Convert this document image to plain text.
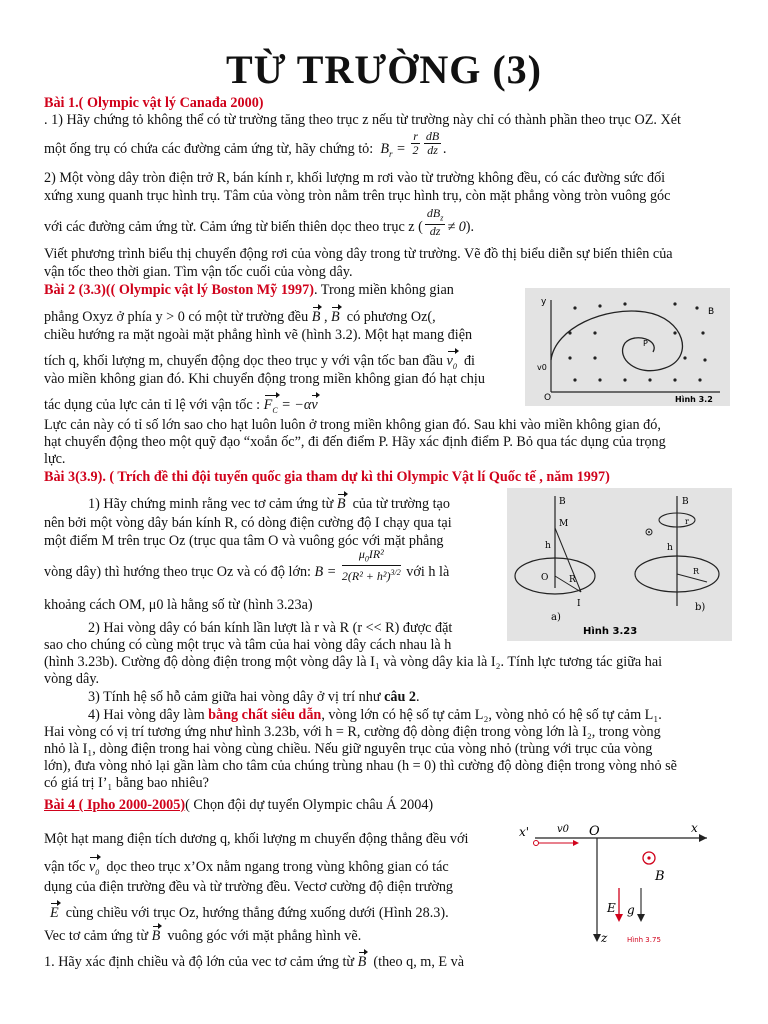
TỪ TRƯỜNG (3)
Bài 1.( Olympic vật lý Canađa 2000)
. 1) Hãy chứng tỏ không thể có từ trường tăng theo trục z nếu từ trường này chỉ có thành phần theo trục OZ. Xét
một ống trụ có chứa các đường cảm ứng từ, hãy chứng tỏ:  $B_r = \frac{r}{2} \frac{dB}{dz}$ .
2) Một vòng dây tròn điện trở R, bán kính r, khối lượng m rơi vào từ trường không đều, có các đường sức đối
xứng xung quanh trục hình trụ. Tâm của vòng tròn nằm trên trục hình trụ, còn mặt phẳng vòng tròn vuông góc
với các đường cảm ứng từ. Cảm ứng từ biến thiên dọc theo trục z ( $\frac{dB_z}{dz} \ne 0$).
Viết phương trình biểu thị chuyển động rơi của vòng dây trong từ trường. Vẽ đồ thị biểu diễn sự biến thiên của
vận tốc theo thời gian. Tìm vận tốc cuối của vòng dây.
Bài 2 (3.3)(( Olympic vật lý Boston Mỹ 1997). Trong miền không gian
phẳng Oxyz ở phía y > 0 có một từ trường đều B , B có phương Oz(,
chiều hướng ra mặt ngoài mặt phẳng hình vẽ (hình 3.2). Một hạt mang điện
tích q, khối lượng m, chuyển động dọc theo trục y với vận tốc ban đầu $v_0$ đi
vào miền không gian đó. Khi chuyển động trong miền không gian đó hạt chịu
tác dụng của lực cản tỉ lệ với vận tốc : $F_C = -\alpha v$
Lực cản này có tỉ số lớn sao cho hạt luôn luôn ở trong miền không gian đó. Sau khi vào miền không gian đó,
hạt chuyển động theo một quỹ đạo “xoắn ốc”, đi đến điểm P. Hãy xác định điểm P. Bỏ qua tác dụng của trọng
lực.
y
O
B
P
v0
Hình 3.2
Bài 3(3.9). ( Trích đề thi đội tuyển quốc gia tham dự kì thi Olympic Vật lí Quốc tế , năm 1997)
1) Hãy chứng minh rằng vec tơ cảm ứng từ B của từ trường tạo
nên bởi một vòng dây bán kính R, có dòng điện cường độ I chạy qua tại
một điểm M trên trục Oz (trục qua tâm O và vuông góc với mặt phẳng
vòng dây) thì hướng theo trục Oz và có độ lớn: $B = \frac{\mu_0IR^2}{2(R^2 + h^2)^{3/2}}$ với h là
khoảng cách OM, μ0 là hằng số từ (hình 3.23a)
2) Hai vòng dây có bán kính lần lượt là r và R (r << R) được đặt
sao cho chúng có cùng một trục và tâm của hai vòng dây cách nhau là h
(hình 3.23b). Cường độ dòng điện trong một vòng dây là I₁ và vòng dây kia là I₂. Tính lực tương tác giữa hai
vòng dây.
3) Tính hệ số hỗ cảm giữa hai vòng dây ở vị trí như câu 2.
4) Hai vòng dây làm bằng chất siêu dẫn, vòng lớn có hệ số tự cảm L₂, vòng nhỏ có hệ số tự cảm L₁.
Hai vòng có vị trí tương ứng như hình 3.23b, với h = R, cường độ dòng điện trong vòng lớn là I₂, trong vòng
nhỏ là I₁, dòng điện trong hai vòng cùng chiều. Nếu giữ nguyên trục của vòng nhỏ (trùng với trục của vòng
lớn), đưa vòng nhỏ lại gần làm cho tâm của chúng trùng nhau (h = 0) thì cường độ dòng điện trong vòng nhỏ sẽ
có giá trị I’₁ bằng bao nhiêu?
B
M
h
O R
I
a)
B
r
h
R
b)
Hình 3.23
Bài 4 ( Ipho 2000-2005)( Chọn đội dự tuyển Olympic châu Á 2004)
Một hạt mang điện tích dương q, khối lượng m chuyển động thẳng đều với
vận tốc $v_0$ dọc theo trục x’Ox nằm ngang trong vùng không gian có tác
dụng của điện trường đều và từ trường đều. Vectơ cường độ điện trường
E cùng chiều với trục Oz, hướng thẳng đứng xuống dưới (Hình 28.3).
Vec tơ cảm ứng từ B vuông góc với mặt phẳng hình vẽ.
1. Hãy xác định chiều và độ lớn của vec tơ cảm ứng từ B (theo q, m, E và
x'	x
O
v0
z
B
E g
Hình 3.75
